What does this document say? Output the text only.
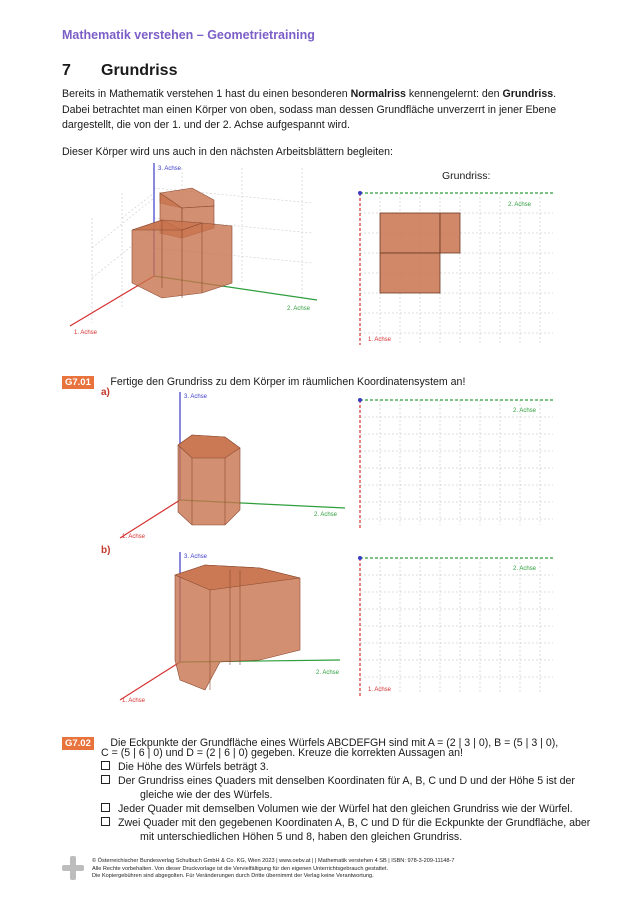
Mathematik verstehen – Geometrietraining
7 Grundriss
Bereits in Mathematik verstehen 1 hast du einen besonderen Normalriss kennengelernt: den Grundriss. Dabei betrachtet man einen Körper von oben, sodass man dessen Grundfläche unverzerrt in jener Ebene dargestellt, die von der 1. und der 2. Achse aufgespannt wird.
Dieser Körper wird uns auch in den nächsten Arbeitsblättern begleiten:
3. Achse
2. Achse
1. Achse
Grundriss:
2. Achse
1. Achse
G7.01 Fertige den Grundriss zu dem Körper im räumlichen Koordinatensystem an!
a)	3. Achse
2. Achse
1. Achse
2. Achse
b)
3. Achse
2. Achse
1. Achse
2. Achse
1. Achse
G7.02 Die Eckpunkte der Grundfläche eines Würfels ABCDEFGH sind mit A = (2 | 3 | 0), B = (5 | 3 | 0),
C = (5 | 6 | 0) und D = (2 | 6 | 0) gegeben. Kreuze die korrekten Aussagen an!
Die Höhe des Würfels beträgt 3.
Der Grundriss eines Quaders mit denselben Koordinaten für A, B, C und D und der Höhe 5 ist der
gleiche wie der des Würfels.
Jeder Quader mit demselben Volumen wie der Würfel hat den gleichen Grundriss wie der Würfel.
Zwei Quader mit den gegebenen Koordinaten A, B, C und D für die Eckpunkte der Grundfläche, aber
mit unterschiedlichen Höhen 5 und 8, haben den gleichen Grundriss.
© Österreichischer Bundesverlag Schulbuch GmbH & Co. KG, Wien 2023 | www.oebv.at | | Mathematik verstehen 4 SB | ISBN: 978-3-209-11148-7
Alle Rechte vorbehalten. Von dieser Druckvorlage ist die Vervielfältigung für den eigenen Unterrichtsgebrauch gestattet.
Die Kopiergebühren sind abgegolten. Für Veränderungen durch Dritte übernimmt der Verlag keine Verantwortung.
